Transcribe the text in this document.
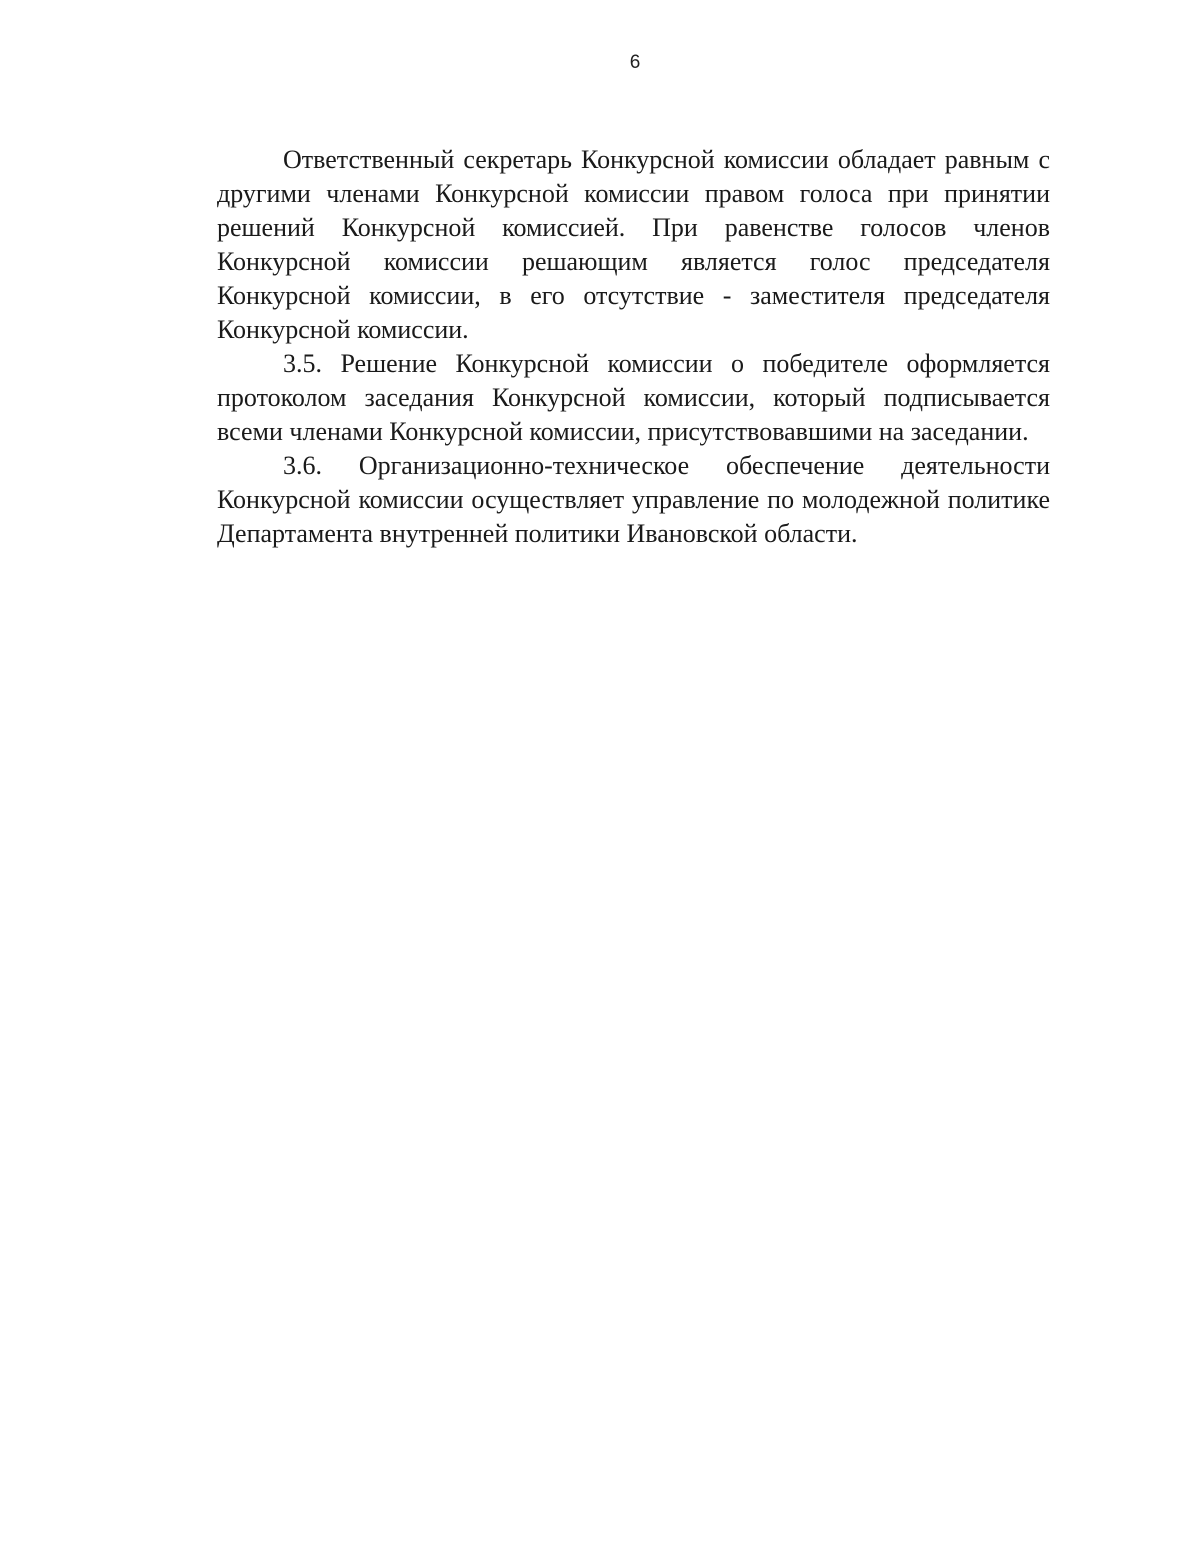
6

Ответственный секретарь Конкурсной комиссии обладает равным с другими членами Конкурсной комиссии правом голоса при принятии решений Конкурсной комиссией. При равенстве голосов членов Конкурсной комиссии решающим является голос председателя Конкурсной комиссии, в его отсутствие - заместителя председателя Конкурсной комиссии.

3.5. Решение Конкурсной комиссии о победителе оформляется протоколом заседания Конкурсной комиссии, который подписывается всеми членами Конкурсной комиссии, присутствовавшими на заседании.

3.6. Организационно-техническое обеспечение деятельности Конкурсной комиссии осуществляет управление по молодежной политике Департамента внутренней политики Ивановской области.
